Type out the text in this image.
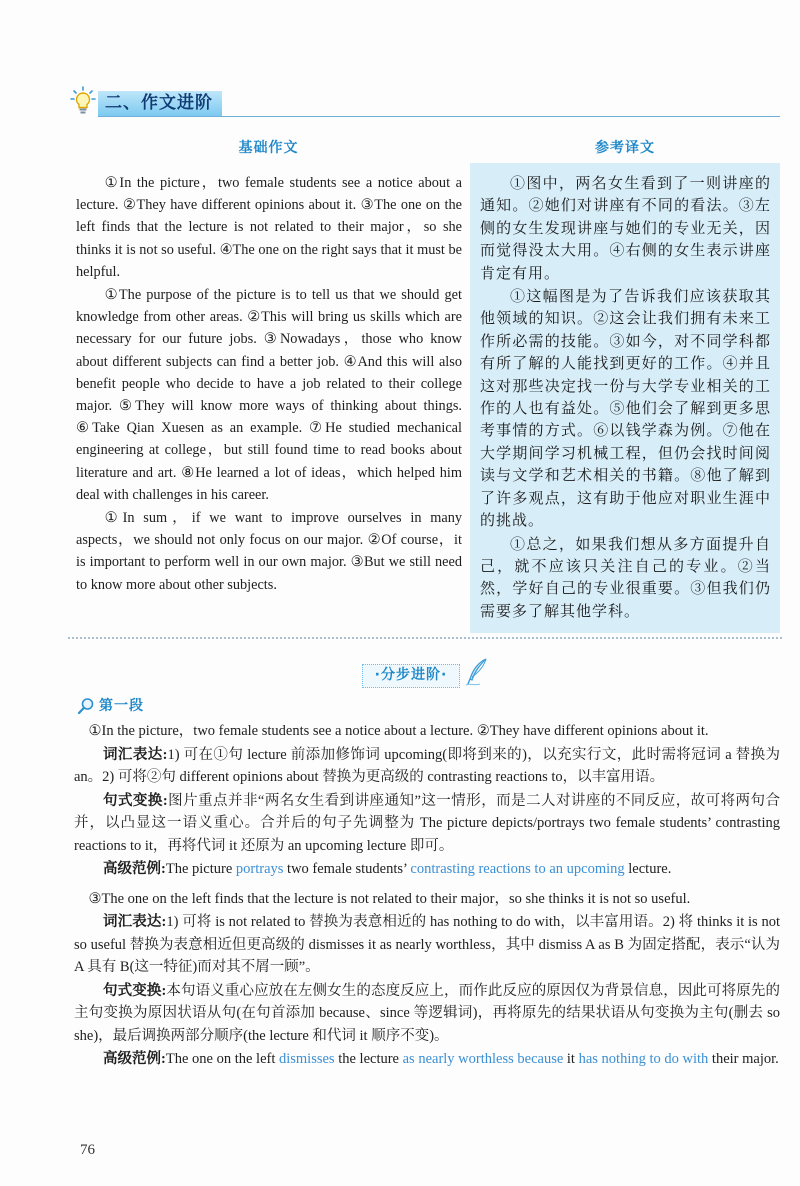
二、作文进阶
基础作文	参考译文

①In the picture，two female students see a notice about a lecture. ②They have different opinions about it. ③The one on the left finds that the lecture is not related to their major，so she thinks it is not so useful. ④The one on the right says that it must be helpful.

①The purpose of the picture is to tell us that we should get knowledge from other areas. ②This will bring us skills which are necessary for our future jobs. ③Nowadays，those who know about different subjects can find a better job. ④And this will also benefit people who decide to have a job related to their college major. ⑤They will know more ways of thinking about things. ⑥Take Qian Xuesen as an example. ⑦He studied mechanical engineering at college，but still found time to read books about literature and art. ⑧He learned a lot of ideas，which helped him deal with challenges in his career.

①In sum，if we want to improve ourselves in many aspects，we should not only focus on our major. ②Of course，it is important to perform well in our own major. ③But we still need to know more about other subjects.

①图中，两名女生看到了一则讲座的通知。②她们对讲座有不同的看法。③左侧的女生发现讲座与她们的专业无关，因而觉得没太大用。④右侧的女生表示讲座肯定有用。

①这幅图是为了告诉我们应该获取其他领域的知识。②这会让我们拥有未来工作所必需的技能。③如今，对不同学科都有所了解的人能找到更好的工作。④并且这对那些决定找一份与大学专业相关的工作的人也有益处。⑤他们会了解到更多思考事情的方式。⑥以钱学森为例。⑦他在大学期间学习机械工程，但仍会找时间阅读与文学和艺术相关的书籍。⑧他了解到了许多观点，这有助于他应对职业生涯中的挑战。

①总之，如果我们想从多方面提升自己，就不应该只关注自己的专业。②当然，学好自己的专业很重要。③但我们仍需要多了解其他学科。

·分步进阶·
第一段

①In the picture，two female students see a notice about a lecture. ②They have different opinions about it.

词汇表达:1) 可在①句 lecture 前添加修饰词 upcoming(即将到来的)，以充实行文，此时需将冠词 a 替换为 an。2) 可将②句 different opinions about 替换为更高级的 contrasting reactions to，以丰富用语。

句式变换:图片重点并非“两名女生看到讲座通知”这一情形，而是二人对讲座的不同反应，故可将两句合并，以凸显这一语义重心。合并后的句子先调整为 The picture depicts/portrays two female students’ contrasting reactions to it，再将代词 it 还原为 an upcoming lecture 即可。

高级范例:The picture portrays two female students’ contrasting reactions to an upcoming lecture.

③The one on the left finds that the lecture is not related to their major，so she thinks it is not so useful.

词汇表达:1) 可将 is not related to 替换为表意相近的 has nothing to do with，以丰富用语。2) 将 thinks it is not so useful 替换为表意相近但更高级的 dismisses it as nearly worthless，其中 dismiss A as B 为固定搭配，表示“认为 A 具有 B(这一特征)而对其不屑一顾”。

句式变换:本句语义重心应放在左侧女生的态度反应上，而作此反应的原因仅为背景信息，因此可将原先的主句变换为原因状语从句(在句首添加 because、since 等逻辑词)，再将原先的结果状语从句变换为主句(删去 so she)，最后调换两部分顺序(the lecture 和代词 it 顺序不变)。

高级范例:The one on the left dismisses the lecture as nearly worthless because it has nothing to do with their major.

76
